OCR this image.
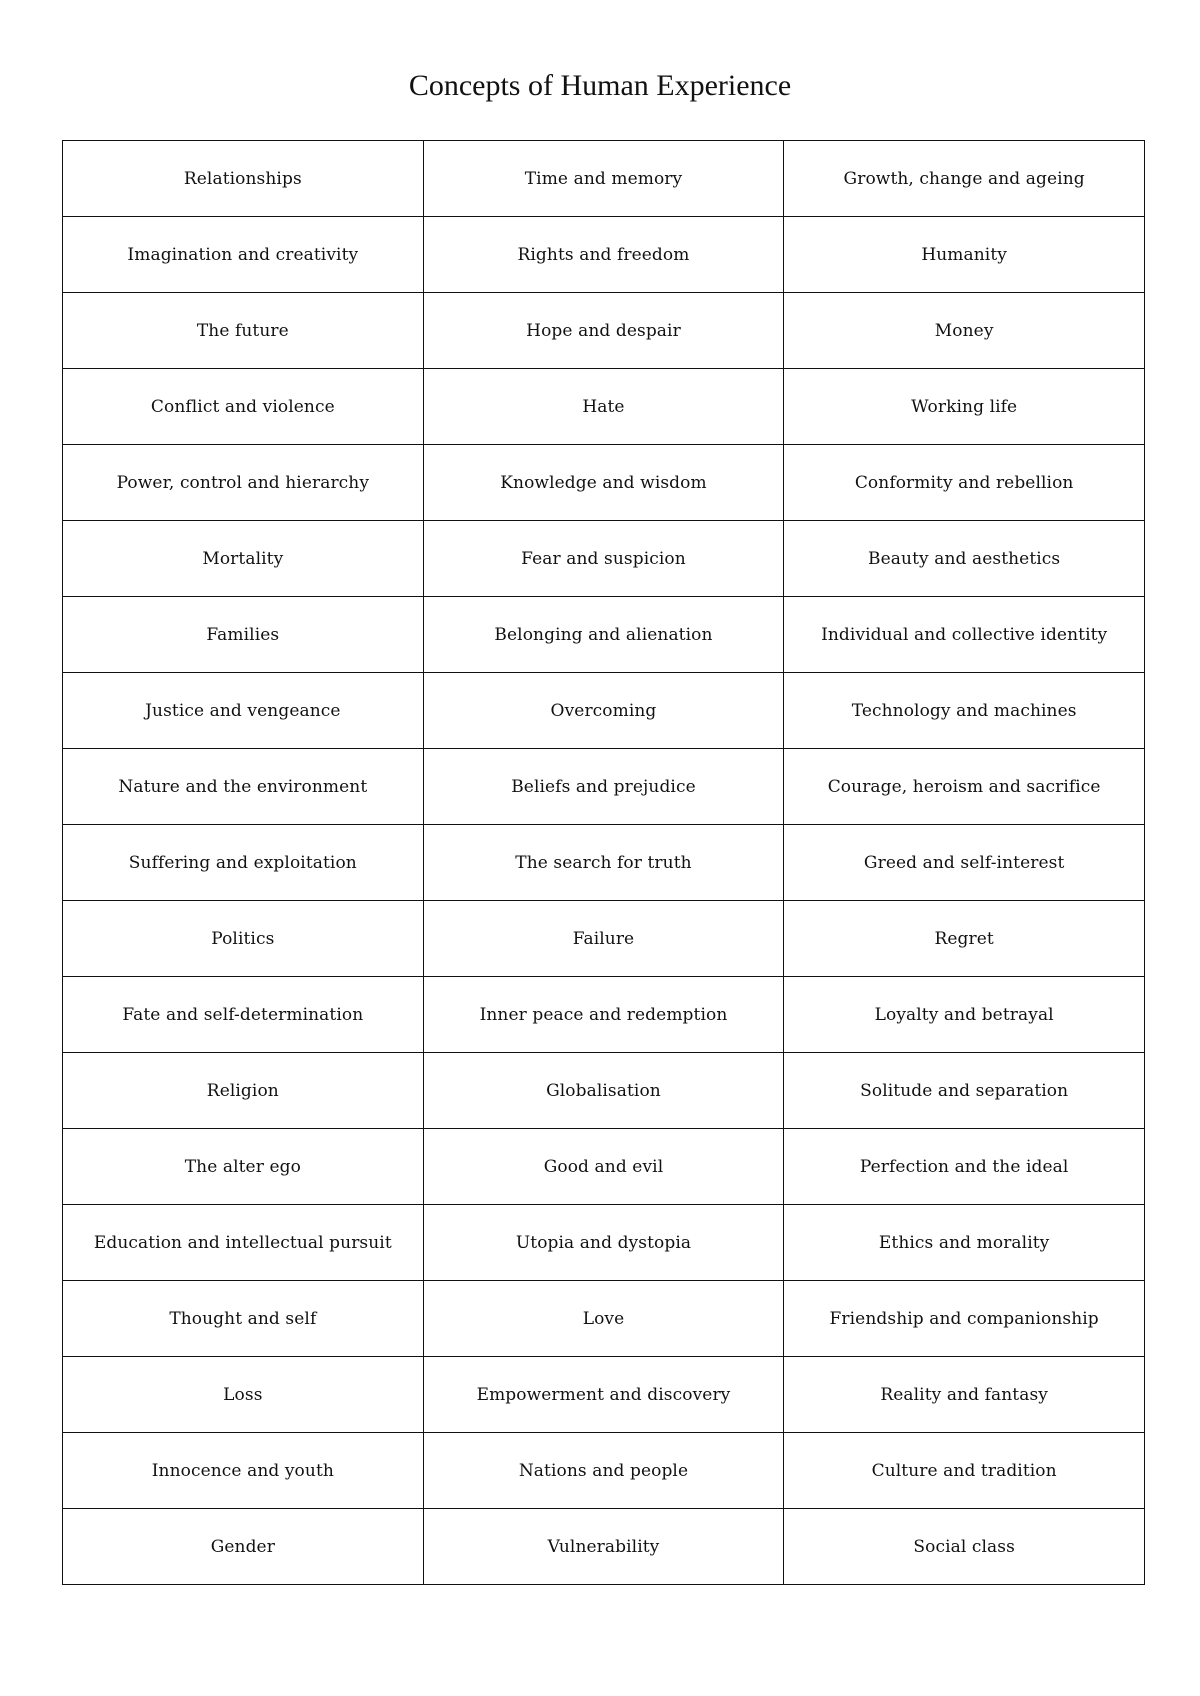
Concepts of Human Experience
Relationships	Time and memory	Growth, change and ageing
Imagination and creativity	Rights and freedom	Humanity
The future	Hope and despair	Money
Conflict and violence	Hate	Working life
Power, control and hierarchy	Knowledge and wisdom	Conformity and rebellion
Mortality	Fear and suspicion	Beauty and aesthetics
Families	Belonging and alienation	Individual and collective identity
Justice and vengeance	Overcoming	Technology and machines
Nature and the environment	Beliefs and prejudice	Courage, heroism and sacrifice
Suffering and exploitation	The search for truth	Greed and self-interest
Politics	Failure	Regret
Fate and self-determination	Inner peace and redemption	Loyalty and betrayal
Religion	Globalisation	Solitude and separation
The alter ego	Good and evil	Perfection and the ideal
Education and intellectual pursuit	Utopia and dystopia	Ethics and morality
Thought and self	Love	Friendship and companionship
Loss	Empowerment and discovery	Reality and fantasy
Innocence and youth	Nations and people	Culture and tradition
Gender	Vulnerability	Social class
